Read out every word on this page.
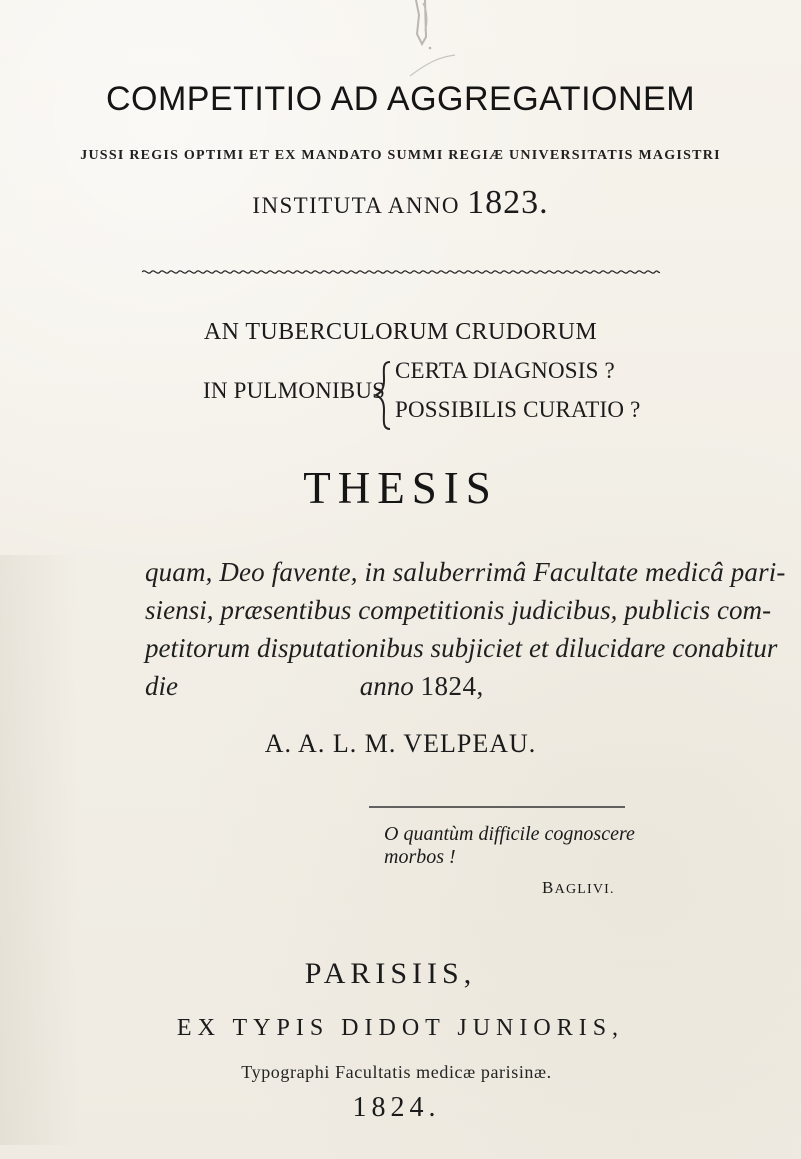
COMPETITIO AD AGGREGATIONEM
JUSSI REGIS OPTIMI ET EX MANDATO SUMMI REGIÆ UNIVERSITATIS MAGISTRI
INSTITUTA ANNO 1823.
AN TUBERCULORUM CRUDORUM
IN PULMONIBUS
CERTA DIAGNOSIS ?
POSSIBILIS CURATIO ?
THESIS
quam, Deo favente, in saluberrimâ Facultate medicâ pari-
siensi, præsentibus competitionis judicibus, publicis com-
petitorum disputationibus subjiciet et dilucidare conabitur
die	anno 1824,
A. A. L. M. VELPEAU.
O quantùm difficile cognoscere
morbos !
BAGLIVI.
PARISIIS,
EX TYPIS DIDOT JUNIORIS,
Typographi Facultatis medicæ parisinæ.
1824.
